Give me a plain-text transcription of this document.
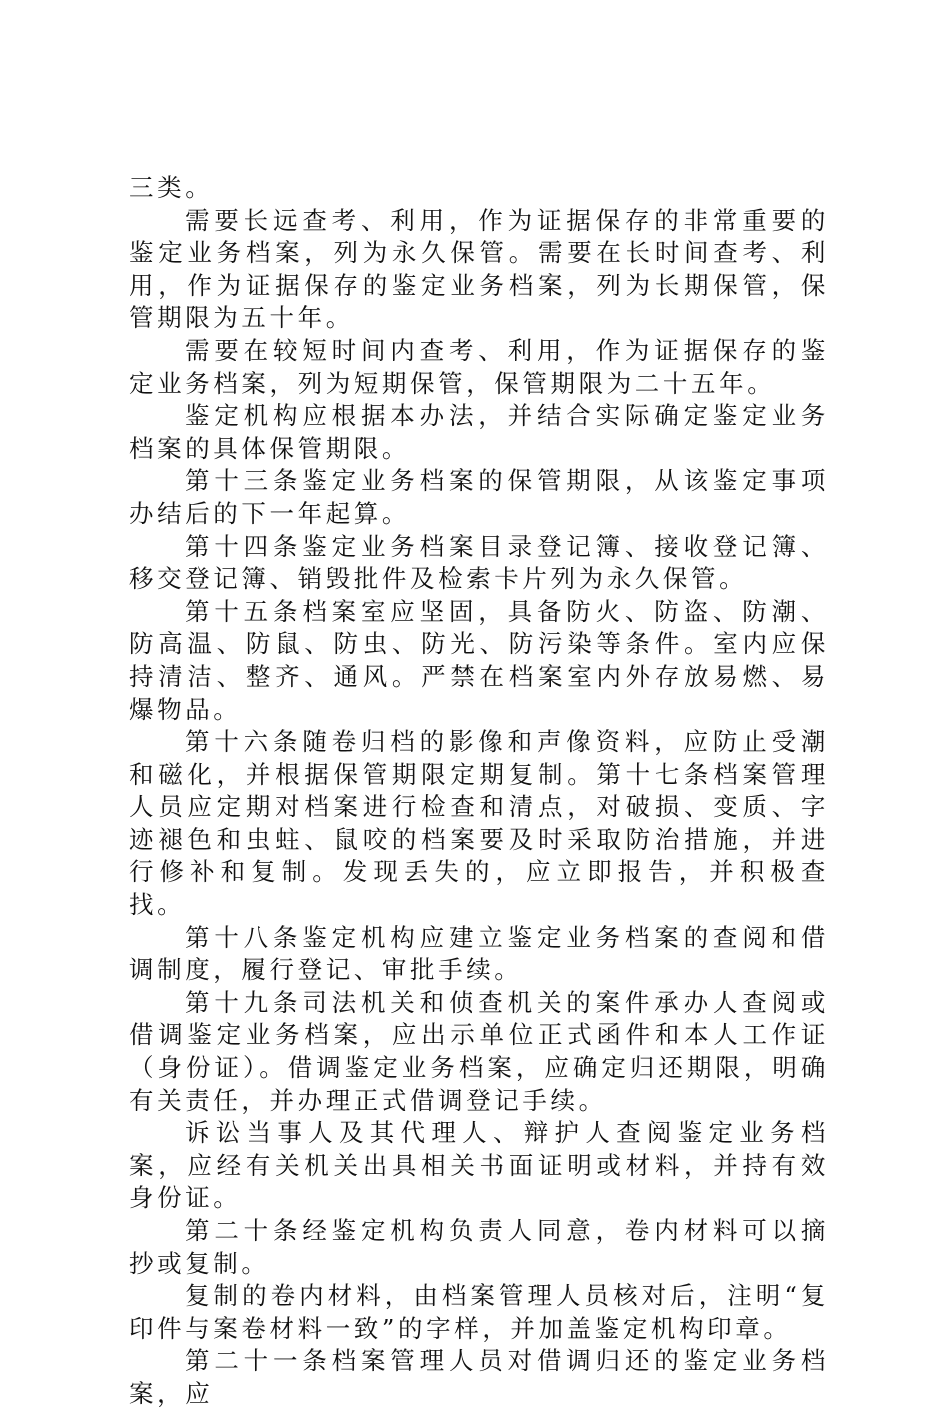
三类。

需要长远查考、利用，作为证据保存的非常重要的鉴定业务档案，列为永久保管。需要在长时间查考、利用，作为证据保存的鉴定业务档案，列为长期保管，保管期限为五十年。

需要在较短时间内查考、利用，作为证据保存的鉴定业务档案，列为短期保管，保管期限为二十五年。

鉴定机构应根据本办法，并结合实际确定鉴定业务档案的具体保管期限。

第十三条鉴定业务档案的保管期限，从该鉴定事项办结后的下一年起算。

第十四条鉴定业务档案目录登记簿、接收登记簿、移交登记簿、销毁批件及检索卡片列为永久保管。

第十五条档案室应坚固，具备防火、防盗、防潮、防高温、防鼠、防虫、防光、防污染等条件。室内应保持清洁、整齐、通风。严禁在档案室内外存放易燃、易爆物品。

第十六条随卷归档的影像和声像资料，应防止受潮和磁化，并根据保管期限定期复制。第十七条档案管理人员应定期对档案进行检查和清点，对破损、变质、字迹褪色和虫蛀、鼠咬的档案要及时采取防治措施，并进行修补和复制。发现丢失的，应立即报告，并积极查找。

第十八条鉴定机构应建立鉴定业务档案的查阅和借调制度，履行登记、审批手续。

第十九条司法机关和侦查机关的案件承办人查阅或借调鉴定业务档案，应出示单位正式函件和本人工作证（身份证）。借调鉴定业务档案，应确定归还期限，明确有关责任，并办理正式借调登记手续。

诉讼当事人及其代理人、辩护人查阅鉴定业务档案，应经有关机关出具相关书面证明或材料，并持有效身份证。

第二十条经鉴定机构负责人同意，卷内材料可以摘抄或复制。

复制的卷内材料，由档案管理人员核对后，注明“复印件与案卷材料一致”的字样，并加盖鉴定机构印章。

第二十一条档案管理人员对借调归还的鉴定业务档案，应
